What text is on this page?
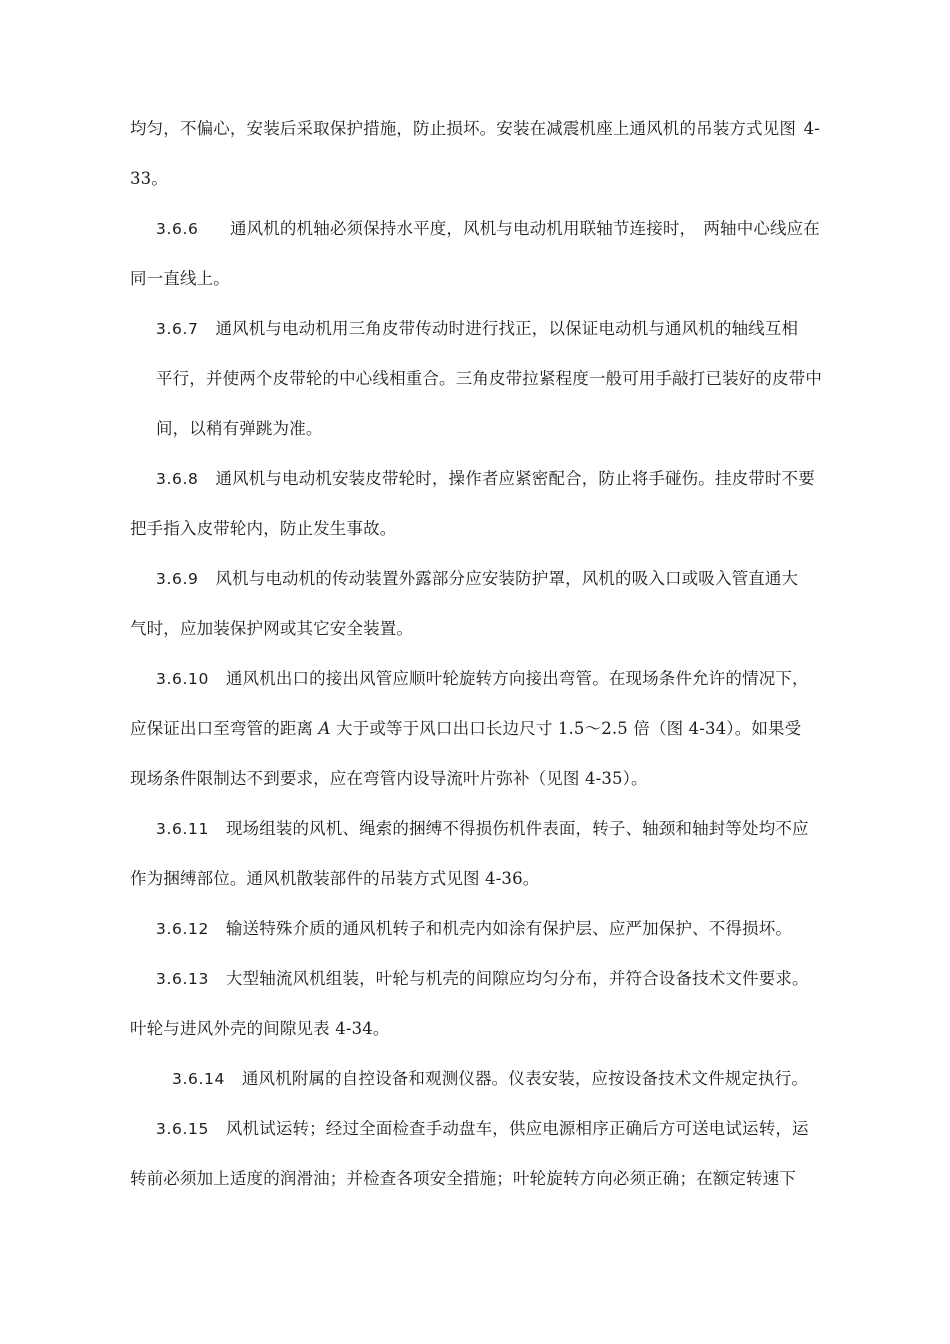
均匀，不偏心，安装后采取保护措施，防止损坏。安装在减震机座上通风机的吊装方式见图 4-
33。
3.6.6 通风机的机轴必须保持水平度，风机与电动机用联轴节连接时， 两轴中心线应在
同一直线上。
3.6.7 通风机与电动机用三角皮带传动时进行找正，以保证电动机与通风机的轴线互相
平行，并使两个皮带轮的中心线相重合。三角皮带拉紧程度一般可用手敲打已装好的皮带中
间，以稍有弹跳为准。
3.6.8 通风机与电动机安装皮带轮时，操作者应紧密配合，防止将手碰伤。挂皮带时不要
把手指入皮带轮内，防止发生事故。
3.6.9 风机与电动机的传动装置外露部分应安装防护罩，风机的吸入口或吸入管直通大
气时，应加装保护网或其它安全装置。
3.6.10 通风机出口的接出风管应顺叶轮旋转方向接出弯管。在现场条件允许的情况下，
应保证出口至弯管的距离 A 大于或等于风口出口长边尺寸 1.5～2.5 倍（图 4-34）。如果受
现场条件限制达不到要求，应在弯管内设导流叶片弥补（见图 4-35）。
3.6.11 现场组装的风机、绳索的捆缚不得损伤机件表面，转子、轴颈和轴封等处均不应
作为捆缚部位。通风机散装部件的吊装方式见图 4-36。
3.6.12 输送特殊介质的通风机转子和机壳内如涂有保护层、应严加保护、不得损坏。
3.6.13 大型轴流风机组装，叶轮与机壳的间隙应均匀分布，并符合设备技术文件要求。
叶轮与进风外壳的间隙见表 4-34。
3.6.14 通风机附属的自控设备和观测仪器。仪表安装，应按设备技术文件规定执行。
3.6.15 风机试运转；经过全面检查手动盘车，供应电源相序正确后方可送电试运转，运
转前必须加上适度的润滑油；并检查各项安全措施；叶轮旋转方向必须正确；在额定转速下
